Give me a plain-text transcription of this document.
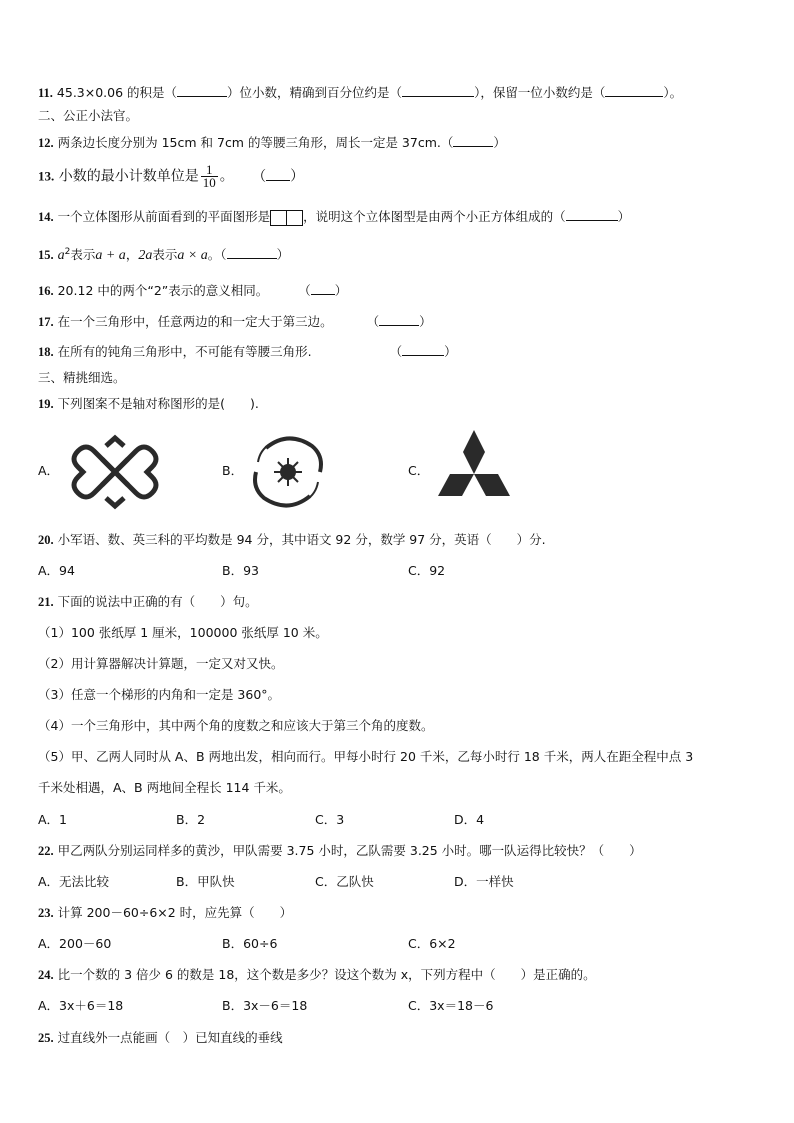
11. 45.3×0.06 的积是（	）位小数，精确到百分位约是（	），保留一位小数约是（	）。
二、公正小法官。
12. 两条边长度分别为 15cm 和 7cm 的等腰三角形，周长一定是 37cm.（	）
13. 小数的最小计数单位是 $\frac{1}{10}$ 。 （ ）
14. 一个立体图形从前面看到的平面图形是	，说明这个立体图型是由两个小正方体组成的（	）
15. $a^2$表示a + a，2a表示a × a。（	）
16. 20.12 中的两个“2”表示的意义相同。 （ ）
17. 在一个三角形中，任意两边的和一定大于第三边。	（	）
18. 在所有的钝角三角形中，不可能有等腰三角形.	（	）
三、精挑细选。
19. 下列图案不是轴对称图形的是(　　).
A．	B．	C．
20. 小军语、数、英三科的平均数是 94 分，其中语文 92 分，数学 97 分，英语（　　）分.
A．94	B．93	C．92
21. 下面的说法中正确的有（　　）句。
（1）100 张纸厚 1 厘米，100000 张纸厚 10 米。
（2）用计算器解决计算题，一定又对又快。
（3）任意一个梯形的内角和一定是 360°。
（4）一个三角形中，其中两个角的度数之和应该大于第三个角的度数。
（5）甲、乙两人同时从 A、B 两地出发，相向而行。甲每小时行 20 千米，乙每小时行 18 千米，两人在距全程中点 3
千米处相遇，A、B 两地间全程长 114 千米。
A．1	B．2	C．3	D．4
22. 甲乙两队分别运同样多的黄沙，甲队需要 3.75 小时，乙队需要 3.25 小时。哪一队运得比较快？（　　）
A．无法比较	B．甲队快	C．乙队快	D．一样快
23. 计算 200－60÷6×2 时，应先算（　　）
A．200－60	B．60÷6	C．6×2
24. 比一个数的 3 倍少 6 的数是 18，这个数是多少？设这个数为 x，下列方程中（　　）是正确的。
A．3x＋6＝18	B．3x－6＝18	C．3x＝18－6
25. 过直线外一点能画（　）已知直线的垂线
